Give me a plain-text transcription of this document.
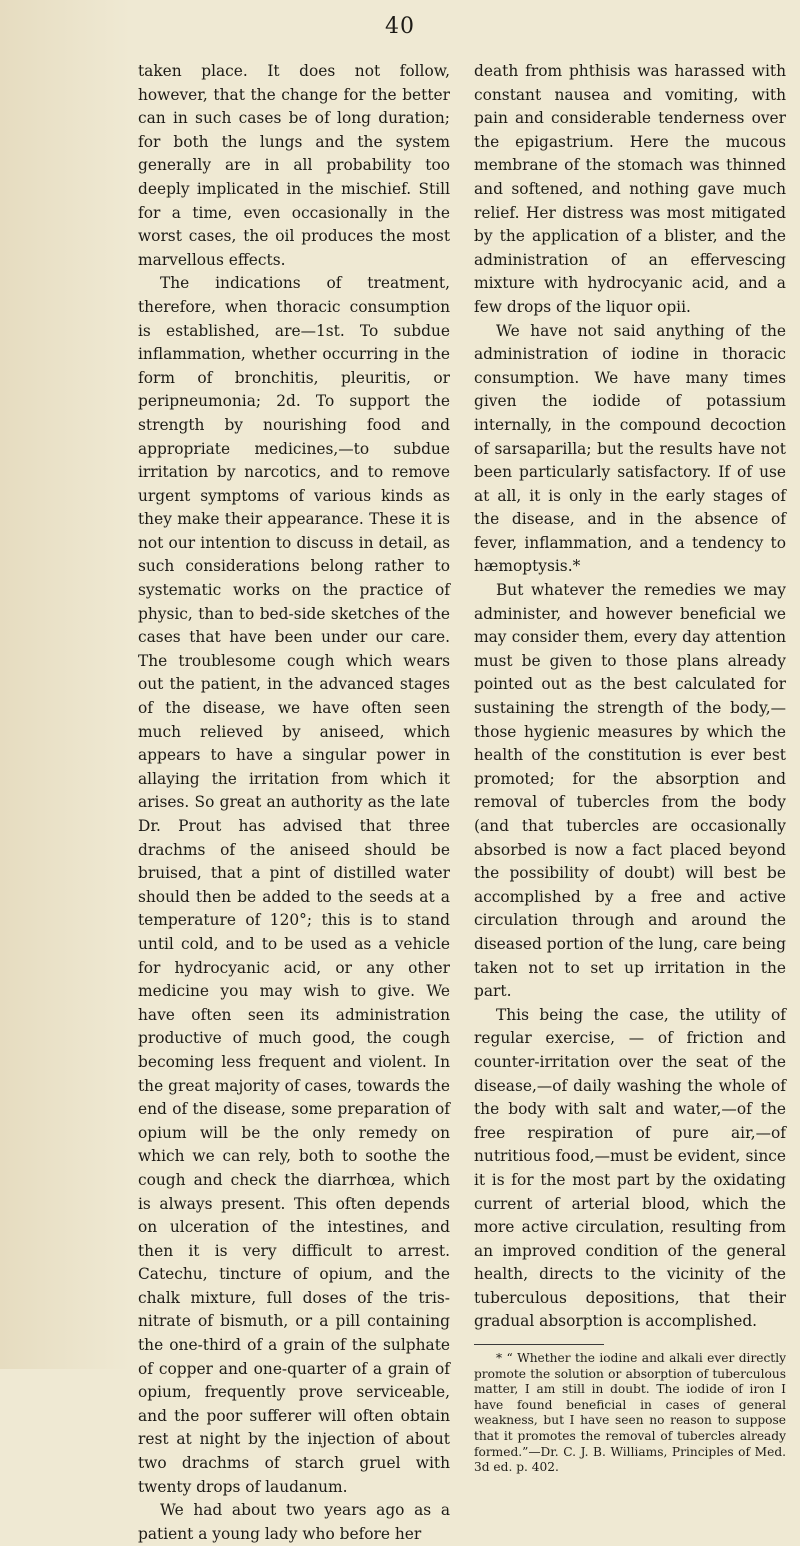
40

taken place. It does not follow, however, that the change for the better can in such cases be of long duration; for both the lungs and the system generally are in all probability too deeply implicated in the mischief. Still for a time, even occasionally in the worst cases, the oil produces the most marvellous effects.

The indications of treatment, therefore, when thoracic consumption is established, are—1st. To subdue inflammation, whether occurring in the form of bronchitis, pleuritis, or peripneumonia; 2d. To support the strength by nourishing food and appropriate medicines,—to subdue irritation by narcotics, and to remove urgent symptoms of various kinds as they make their appearance. These it is not our intention to discuss in detail, as such considerations belong rather to systematic works on the practice of physic, than to bed-side sketches of the cases that have been under our care. The troublesome cough which wears out the patient, in the advanced stages of the disease, we have often seen much relieved by aniseed, which appears to have a singular power in allaying the irritation from which it arises. So great an authority as the late Dr. Prout has advised that three drachms of the aniseed should be bruised, that a pint of distilled water should then be added to the seeds at a temperature of 120°; this is to stand until cold, and to be used as a vehicle for hydrocyanic acid, or any other medicine you may wish to give. We have often seen its administration productive of much good, the cough becoming less frequent and violent. In the great majority of cases, towards the end of the disease, some preparation of opium will be the only remedy on which we can rely, both to soothe the cough and check the diarrhœa, which is always present. This often depends on ulceration of the intestines, and then it is very difficult to arrest. Catechu, tincture of opium, and the chalk mixture, full doses of the tris-nitrate of bismuth, or a pill containing the one-third of a grain of the sulphate of copper and one-quarter of a grain of opium, frequently prove serviceable, and the poor sufferer will often obtain rest at night by the injection of about two drachms of starch gruel with twenty drops of laudanum.

We had about two years ago as a patient a young lady who before her

death from phthisis was harassed with constant nausea and vomiting, with pain and considerable tenderness over the epigastrium. Here the mucous membrane of the stomach was thinned and softened, and nothing gave much relief. Her distress was most mitigated by the application of a blister, and the administration of an effervescing mixture with hydrocyanic acid, and a few drops of the liquor opii.

We have not said anything of the administration of iodine in thoracic consumption. We have many times given the iodide of potassium internally, in the compound decoction of sarsaparilla; but the results have not been particularly satisfactory. If of use at all, it is only in the early stages of the disease, and in the absence of fever, inflammation, and a tendency to hæmoptysis.*

But whatever the remedies we may administer, and however beneficial we may consider them, every day attention must be given to those plans already pointed out as the best calculated for sustaining the strength of the body,—those hygienic measures by which the health of the constitution is ever best promoted; for the absorption and removal of tubercles from the body (and that tubercles are occasionally absorbed is now a fact placed beyond the possibility of doubt) will best be accomplished by a free and active circulation through and around the diseased portion of the lung, care being taken not to set up irritation in the part.

This being the case, the utility of regular exercise, — of friction and counter-irritation over the seat of the disease,—of daily washing the whole of the body with salt and water,—of the free respiration of pure air,—of nutritious food,—must be evident, since it is for the most part by the oxidating current of arterial blood, which the more active circulation, resulting from an improved condition of the general health, directs to the vicinity of the tuberculous depositions, that their gradual absorption is accomplished.

* “ Whether the iodine and alkali ever directly promote the solution or absorption of tuberculous matter, I am still in doubt. The iodide of iron I have found beneficial in cases of general weakness, but I have seen no reason to suppose that it promotes the removal of tubercles already formed.”—Dr. C. J. B. Williams, Principles of Med. 3d ed. p. 402.
